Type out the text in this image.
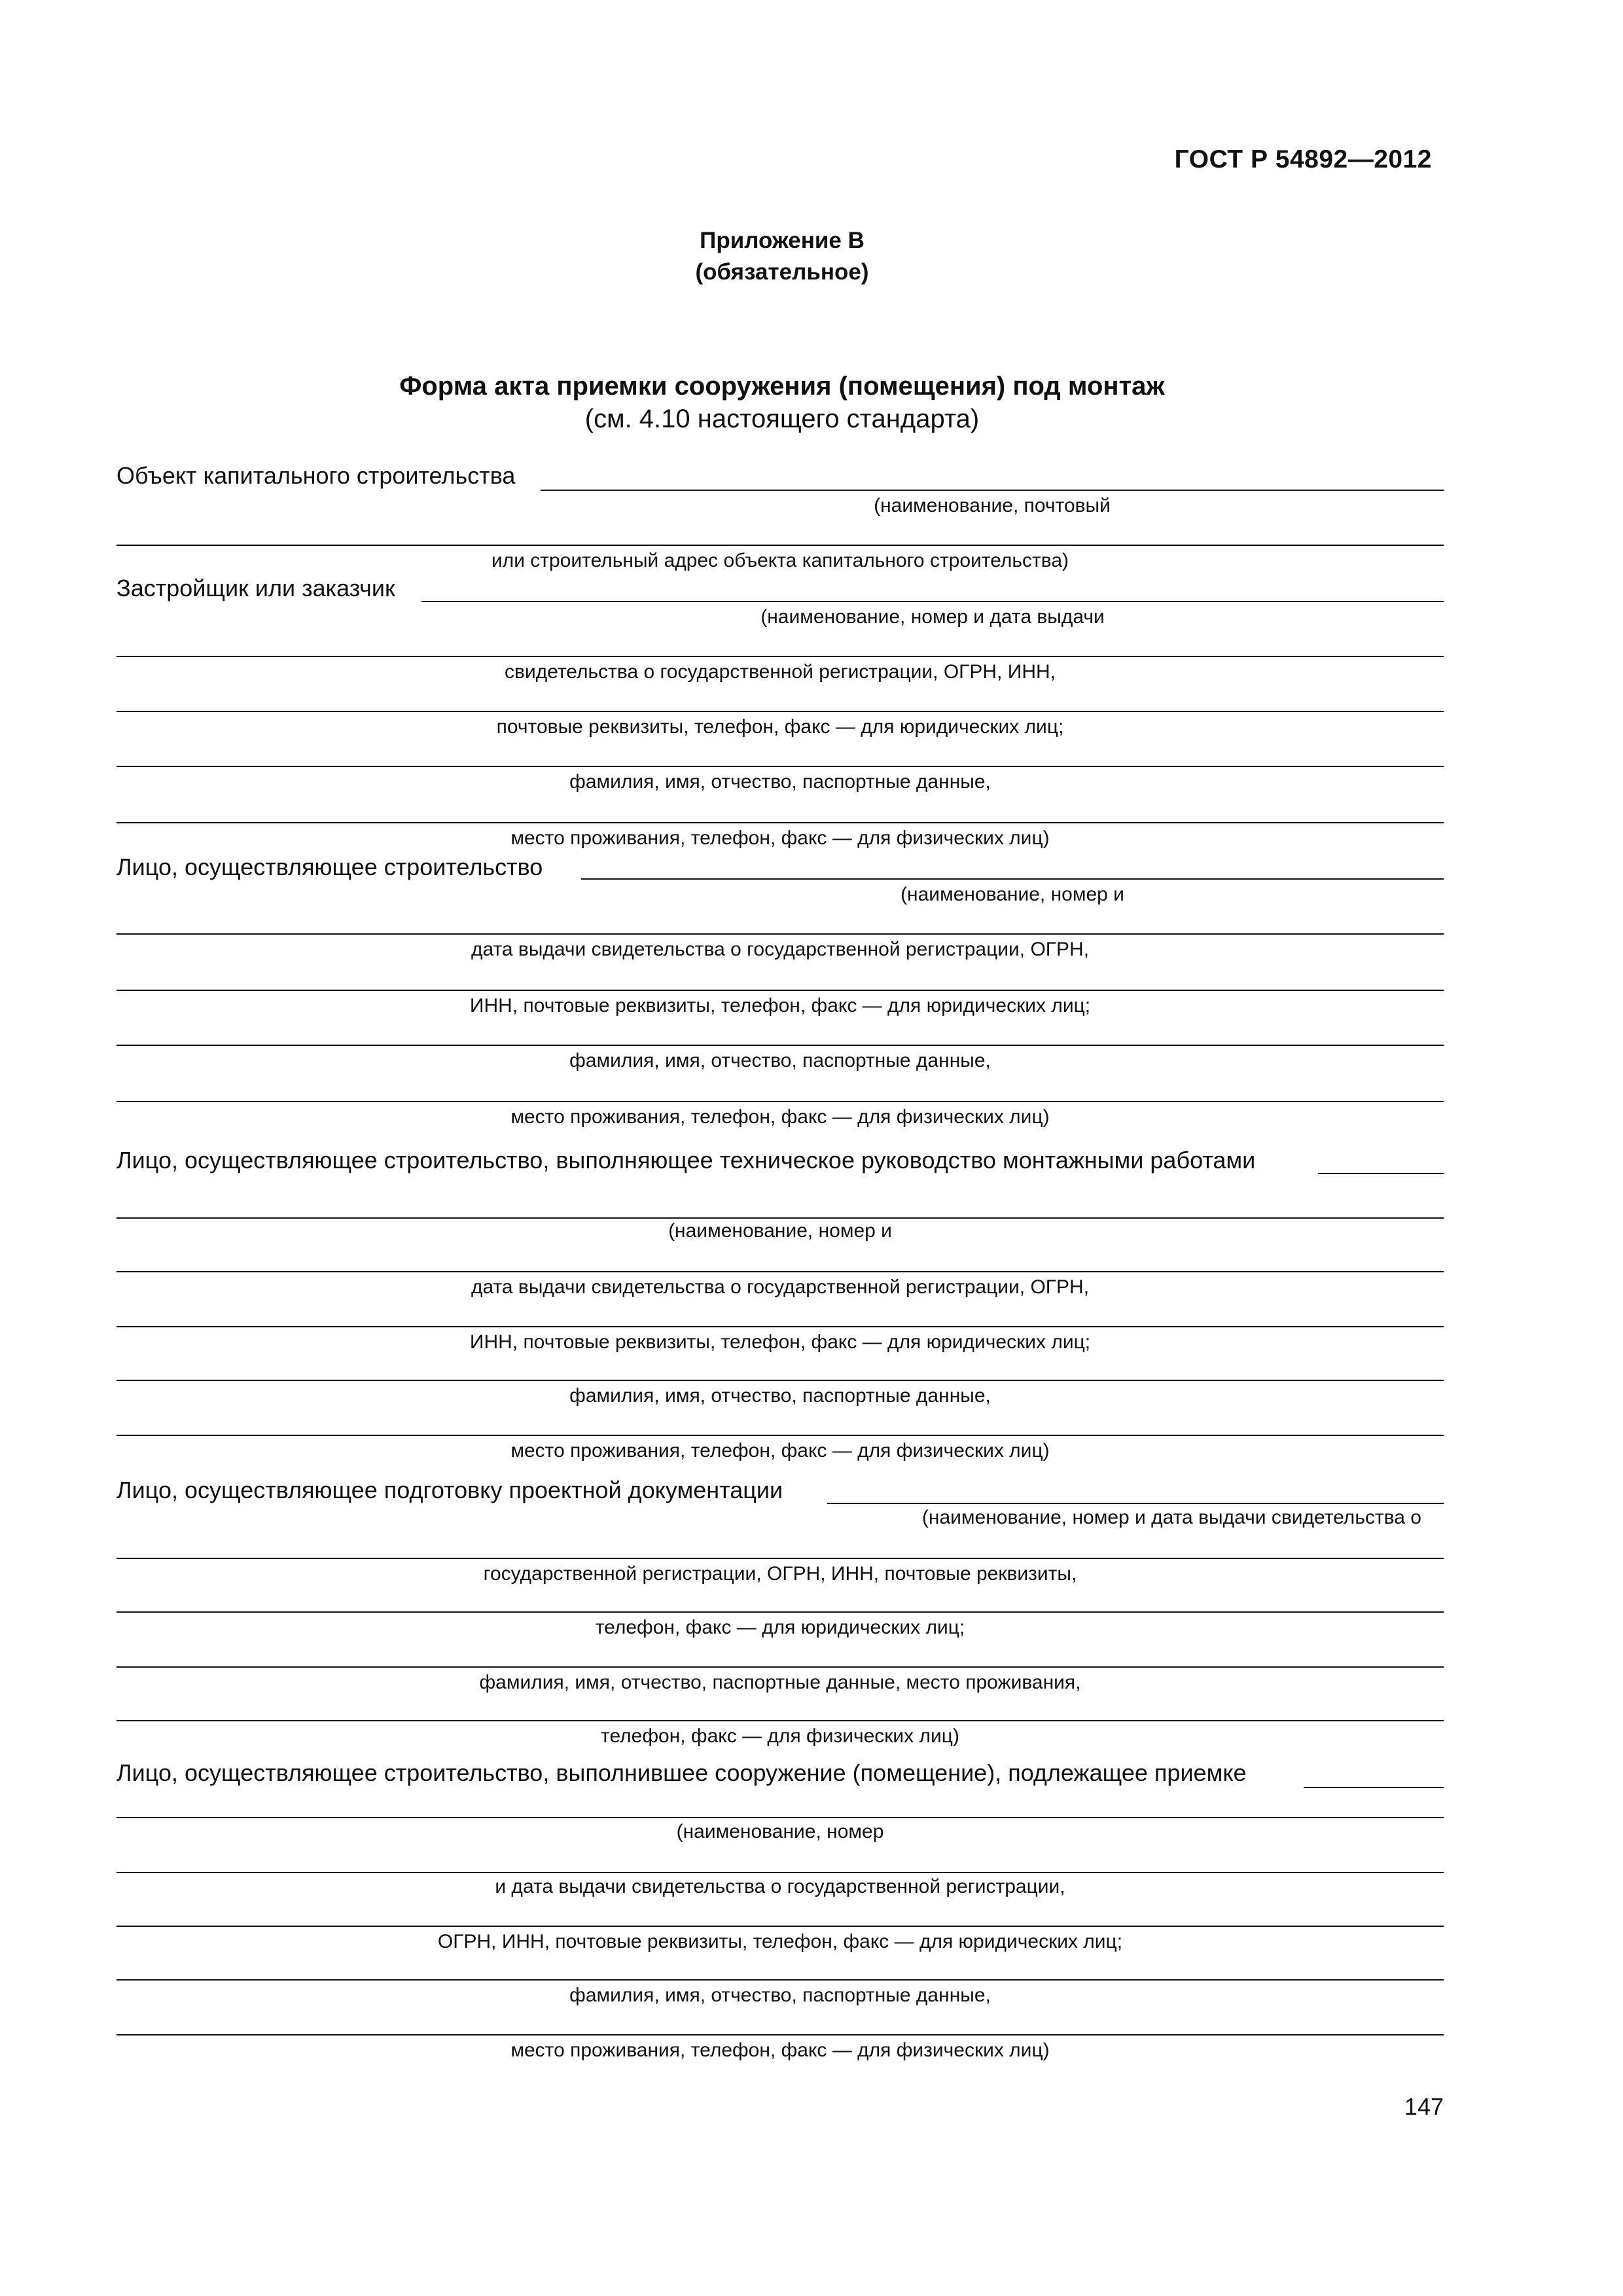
ГОСТ Р 54892—2012
Приложение В
(обязательное)
Форма акта приемки сооружения (помещения) под монтаж
(см. 4.10 настоящего стандарта)
Объект капитального строительства
(наименование, почтовый
или строительный адрес объекта капитального строительства)
Застройщик или заказчик
(наименование, номер и дата выдачи
свидетельства о государственной регистрации, ОГРН, ИНН,
почтовые реквизиты, телефон, факс — для юридических лиц;
фамилия, имя, отчество, паспортные данные,
место проживания, телефон, факс — для физических лиц)
Лицо, осуществляющее строительство
(наименование, номер и
дата выдачи свидетельства о государственной регистрации, ОГРН,
ИНН, почтовые реквизиты, телефон, факс — для юридических лиц;
фамилия, имя, отчество, паспортные данные,
место проживания, телефон, факс — для физических лиц)
Лицо, осуществляющее строительство, выполняющее техническое руководство монтажными работами
(наименование, номер и
дата выдачи свидетельства о государственной регистрации, ОГРН,
ИНН, почтовые реквизиты, телефон, факс — для юридических лиц;
фамилия, имя, отчество, паспортные данные,
место проживания, телефон, факс — для физических лиц)
Лицо, осуществляющее подготовку проектной документации
(наименование, номер и дата выдачи свидетельства о
государственной регистрации, ОГРН, ИНН, почтовые реквизиты,
телефон, факс — для юридических лиц;
фамилия, имя, отчество, паспортные данные, место проживания,
телефон, факс — для физических лиц)
Лицо, осуществляющее строительство, выполнившее сооружение (помещение), подлежащее приемке
(наименование, номер
и дата выдачи свидетельства о государственной регистрации,
ОГРН, ИНН, почтовые реквизиты, телефон, факс — для юридических лиц;
фамилия, имя, отчество, паспортные данные,
место проживания, телефон, факс — для физических лиц)
147
